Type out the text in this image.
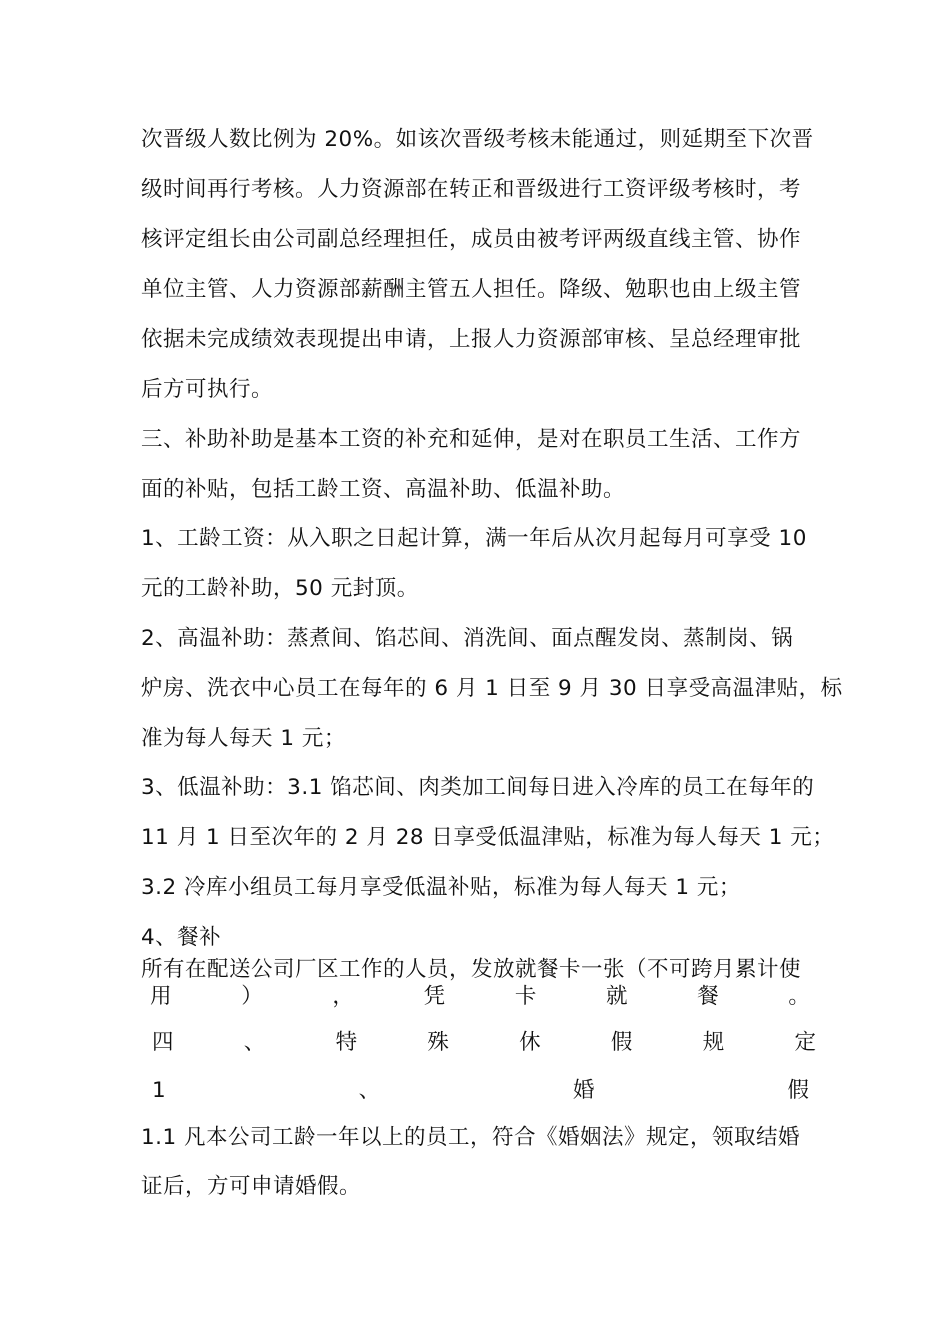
次晋级人数比例为 20%。如该次晋级考核未能通过，则延期至下次晋
级时间再行考核。人力资源部在转正和晋级进行工资评级考核时，考
核评定组长由公司副总经理担任，成员由被考评两级直线主管、协作
单位主管、人力资源部薪酬主管五人担任。降级、勉职也由上级主管
依据未完成绩效表现提出申请，上报人力资源部审核、呈总经理审批
后方可执行。
三、补助补助是基本工资的补充和延伸，是对在职员工生活、工作方
面的补贴，包括工龄工资、高温补助、低温补助。
1、工龄工资：从入职之日起计算，满一年后从次月起每月可享受 10
元的工龄补助，50 元封顶。
2、高温补助：蒸煮间、馅芯间、消洗间、面点醒发岗、蒸制岗、锅
炉房、洗衣中心员工在每年的 6 月 1 日至 9 月 30 日享受高温津贴，标
准为每人每天 1 元；
3、低温补助：3.1 馅芯间、肉类加工间每日进入冷库的员工在每年的
11 月 1 日至次年的 2 月 28 日享受低温津贴，标准为每人每天 1 元；
3.2 冷库小组员工每月享受低温补贴，标准为每人每天 1 元；
4、餐补
所有在配送公司厂区工作的人员，发放就餐卡一张（不可跨月累计使
用	）	，	凭	卡	就	餐	。
四	、	特	殊	休	假	规	定
1	、	婚	假
1.1 凡本公司工龄一年以上的员工，符合《婚姻法》规定，领取结婚
证后，方可申请婚假。
